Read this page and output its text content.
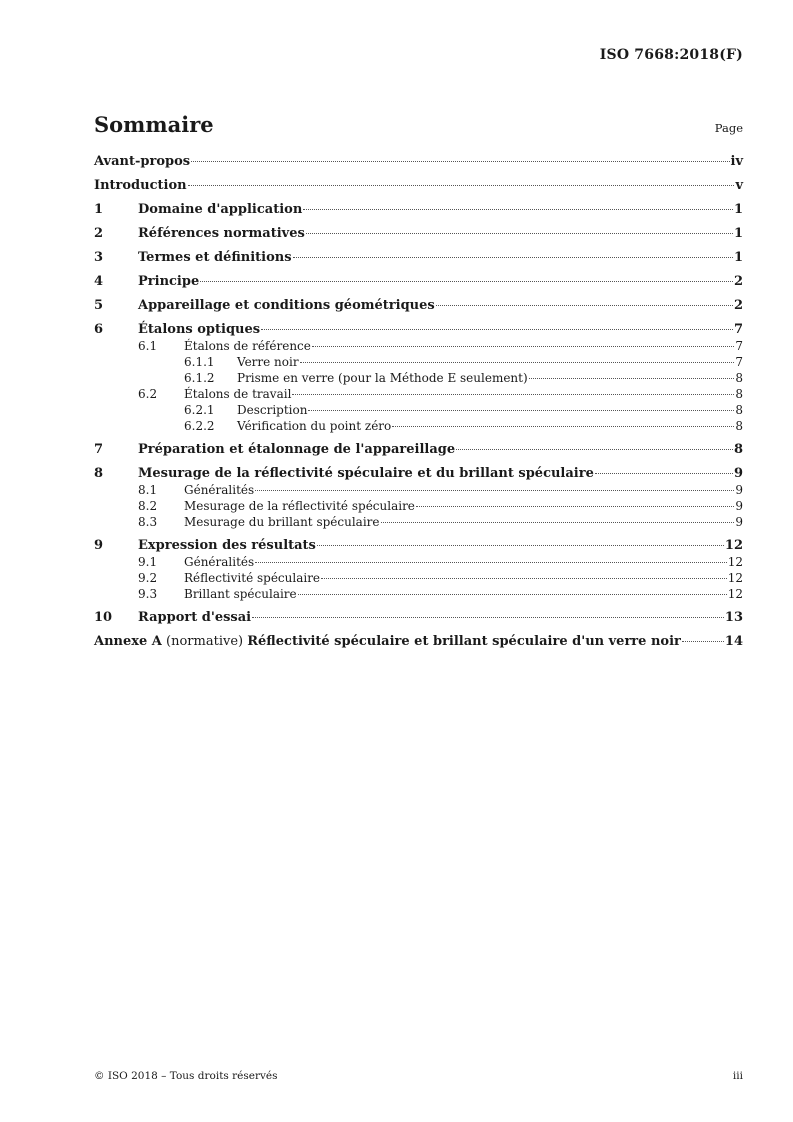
ISO 7668:2018(F)
Sommaire	Page
Avant-propos	iv
Introduction	v
1	Domaine d'application	1
2	Références normatives	1
3	Termes et définitions	1
4	Principe	2
5	Appareillage et conditions géométriques	2
6	Étalons optiques	7
6.1	Étalons de référence	7
6.1.1	Verre noir	7
6.1.2	Prisme en verre (pour la Méthode E seulement)	8
6.2	Étalons de travail	8
6.2.1	Description	8
6.2.2	Vérification du point zéro	8
7	Préparation et étalonnage de l'appareillage	8
8	Mesurage de la réflectivité spéculaire et du brillant spéculaire	9
8.1	Généralités	9
8.2	Mesurage de la réflectivité spéculaire	9
8.3	Mesurage du brillant spéculaire	9
9	Expression des résultats	12
9.1	Généralités	12
9.2	Réflectivité spéculaire	12
9.3	Brillant spéculaire	12
10	Rapport d'essai	13
Annexe A (normative) Réflectivité spéculaire et brillant spéculaire d'un verre noir	14
© ISO 2018 – Tous droits réservés	iii
